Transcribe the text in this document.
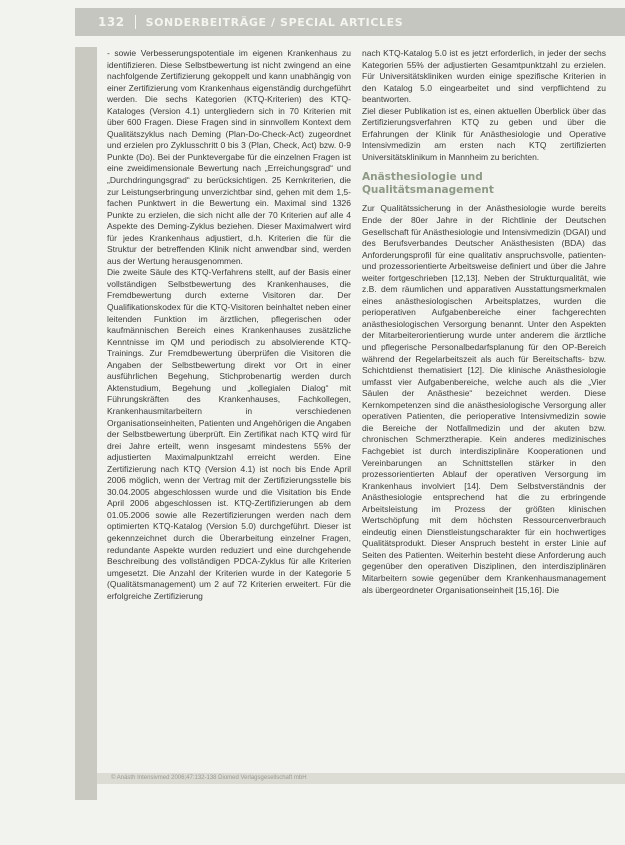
132 SONDERBEITRÄGE / SPECIAL ARTICLES

- sowie Verbesserungspotentiale im eigenen Krankenhaus zu identifizieren. Diese Selbstbewertung ist nicht zwingend an eine nachfolgende Zertifizierung gekoppelt und kann unabhängig von einer Zertifizierung vom Krankenhaus eigenständig durchgeführt werden. Die sechs Kategorien (KTQ-Kriterien) des KTQ-Kataloges (Version 4.1) untergliedern sich in 70 Kriterien mit über 600 Fragen. Diese Fragen sind in sinnvollem Kontext dem Qualitätszyklus nach Deming (Plan-Do-Check-Act) zugeordnet und erzielen pro Zyklusschritt 0 bis 3 (Plan, Check, Act) bzw. 0-9 Punkte (Do). Bei der Punktevergabe für die einzelnen Fragen ist eine zweidimensionale Bewertung nach „Erreichungsgrad“ und „Durchdringungsgrad“ zu berücksichtigen. 25 Kernkriterien, die zur Leistungserbringung unverzichtbar sind, gehen mit dem 1,5-fachen Punktwert in die Bewertung ein. Maximal sind 1326 Punkte zu erzielen, die sich nicht alle der 70 Kriterien auf alle 4 Aspekte des Deming-Zyklus beziehen. Dieser Maximalwert wird für jedes Krankenhaus adjustiert, d.h. Kriterien die für die Struktur der betreffenden Klinik nicht anwendbar sind, werden aus der Wertung herausgenommen.

Die zweite Säule des KTQ-Verfahrens stellt, auf der Basis einer vollständigen Selbstbewertung des Krankenhauses, die Fremdbewertung durch externe Visitoren dar. Der Qualifikationskodex für die KTQ-Visitoren beinhaltet neben einer leitenden Funktion im ärztlichen, pflegerischen oder kaufmännischen Bereich eines Krankenhauses zusätzliche Kenntnisse im QM und periodisch zu absolvierende KTQ-Trainings. Zur Fremdbewertung überprüfen die Visitoren die Angaben der Selbstbewertung direkt vor Ort in einer ausführlichen Begehung, Stichprobenartig werden durch Aktenstudium, Begehung und „kollegialen Dialog“ mit Führungskräften des Krankenhauses, Fachkollegen, Krankenhausmitarbeitern in verschiedenen Organisationseinheiten, Patienten und Angehörigen die Angaben der Selbstbewertung überprüft. Ein Zertifikat nach KTQ wird für drei Jahre erteilt, wenn insgesamt mindestens 55% der adjustierten Maximalpunktzahl erreicht werden. Eine Zertifizierung nach KTQ (Version 4.1) ist noch bis Ende April 2006 möglich, wenn der Vertrag mit der Zertifizierungsstelle bis 30.04.2005 abgeschlossen wurde und die Visitation bis Ende April 2006 abgeschlossen ist. KTQ-Zertifizierungen ab dem 01.05.2006 sowie alle Rezertifizierungen werden nach dem optimierten KTQ-Katalog (Version 5.0) durchgeführt. Dieser ist gekennzeichnet durch die Überarbeitung einzelner Fragen, redundante Aspekte wurden reduziert und eine durchgehende Beschreibung des vollständigen PDCA-Zyklus für alle Kriterien umgesetzt. Die Anzahl der Kriterien wurde in der Kategorie 5 (Qualitätsmanagement) um 2 auf 72 Kriterien erweitert. Für die erfolgreiche Zertifizierung

nach KTQ-Katalog 5.0 ist es jetzt erforderlich, in jeder der sechs Kategorien 55% der adjustierten Gesamtpunktzahl zu erzielen. Für Universitätskliniken wurden einige spezifische Kriterien in den Katalog 5.0 eingearbeitet und sind verpflichtend zu beantworten.

Ziel dieser Publikation ist es, einen aktuellen Überblick über das Zertifizierungsverfahren KTQ zu geben und über die Erfahrungen der Klinik für Anästhesiologie und Operative Intensivmedizin am ersten nach KTQ zertifizierten Universitätsklinikum in Mannheim zu berichten.

Anästhesiologie und Qualitätsmanagement

Zur Qualitätssicherung in der Anästhesiologie wurde bereits Ende der 80er Jahre in der Richtlinie der Deutschen Gesellschaft für Anästhesiologie und Intensivmedizin (DGAI) und des Berufsverbandes Deutscher Anästhesisten (BDA) das Anforderungsprofil für eine qualitativ anspruchsvolle, patienten- und prozessorientierte Arbeitsweise definiert und über die Jahre weiter fortgeschrieben [12,13]. Neben der Strukturqualität, wie z.B. dem räumlichen und apparativen Ausstattungsmerkmalen eines anästhesiologischen Arbeitsplatzes, wurden die perioperativen Aufgabenbereiche einer fachgerechten anästhesiologischen Versorgung benannt. Unter den Aspekten der Mitarbeiterorientierung wurde unter anderem die ärztliche und pflegerische Personalbedarfsplanung für den OP-Bereich während der Regelarbeitszeit als auch für Bereitschafts- bzw. Schichtdienst thematisiert [12]. Die klinische Anästhesiologie umfasst vier Aufgabenbereiche, welche auch als die „Vier Säulen der Anästhesie“ bezeichnet werden. Diese Kernkompetenzen sind die anästhesiologische Versorgung aller operativen Patienten, die perioperative Intensivmedizin sowie die Bereiche der Notfallmedizin und der akuten bzw. chronischen Schmerztherapie. Kein anderes medizinisches Fachgebiet ist durch interdisziplinäre Kooperationen und Vereinbarungen an Schnittstellen stärker in den prozessorientierten Ablauf der operativen Versorgung im Krankenhaus involviert [14]. Dem Selbstverständnis der Anästhesiologie entsprechend hat die zu erbringende Arbeitsleistung im Prozess der größten klinischen Wertschöpfung mit dem höchsten Ressourcenverbrauch eindeutig einen Dienstleistungscharakter für ein hochwertiges Qualitätsprodukt. Dieser Anspruch besteht in erster Linie auf Seiten des Patienten. Weiterhin besteht diese Anforderung auch gegenüber den operativen Disziplinen, den interdisziplinären Mitarbeitern sowie gegenüber dem Krankenhausmanagement als übergeordneter Organisationseinheit [15,16]. Die

© Anästh Intensivmed 2006;47:132-138 Diomed Verlagsgesellschaft mbH
